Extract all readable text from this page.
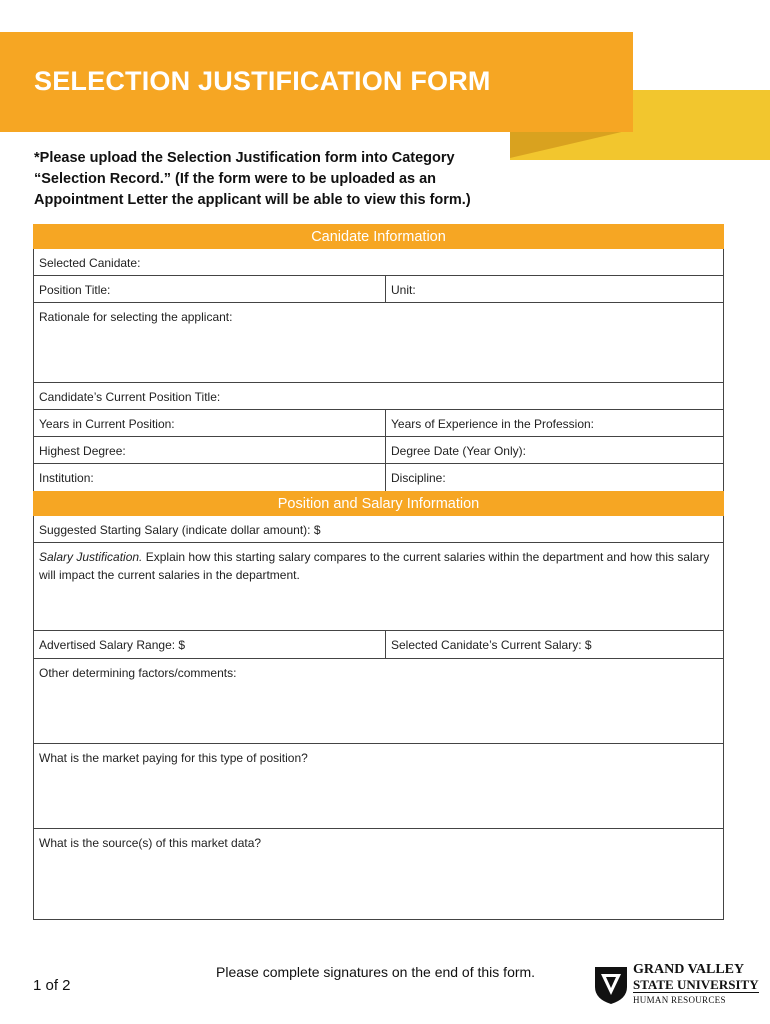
SELECTION JUSTIFICATION FORM
*Please upload the Selection Justification form into Category “Selection Record.” (If the form were to be uploaded as an Appointment Letter the applicant will be able to view this form.)
Canidate Information
Selected Canidate:
Position Title:	Unit:
Rationale for selecting the applicant:
Candidate’s Current Position Title:
Years in Current Position:	Years of Experience in the Profession:
Highest Degree:	Degree Date (Year Only):
Institution:	Discipline:
Position and Salary Information
Suggested Starting Salary (indicate dollar amount): $
Salary Justification. Explain how this starting salary compares to the current salaries within the department and how this salary will impact the current salaries in the department.
Advertised Salary Range: $	Selected Canidate’s Current Salary: $
Other determining factors/comments:
What is the market paying for this type of position?
What is the source(s) of this market data?
Please complete signatures on the end of this form.
1 of 2
GRAND VALLEY
STATE UNIVERSITY
HUMAN RESOURCES
